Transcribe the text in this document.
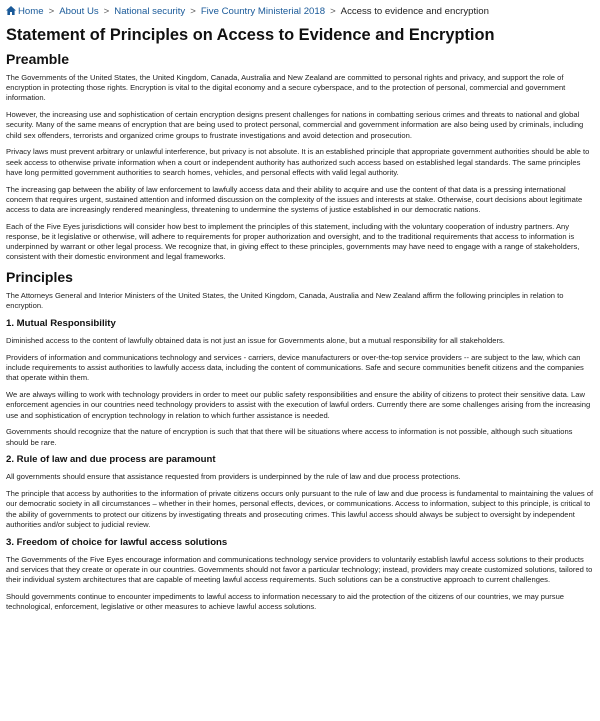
Home > About Us > National security > Five Country Ministerial 2018 > Access to evidence and encryption
Statement of Principles on Access to Evidence and Encryption
Preamble

The Governments of the United States, the United Kingdom, Canada, Australia and New Zealand are committed to personal rights and privacy, and support the role of encryption in protecting those rights. Encryption is vital to the digital economy and a secure cyberspace, and to the protection of personal, commercial and government information.

However, the increasing use and sophistication of certain encryption designs present challenges for nations in combatting serious crimes and threats to national and global security. Many of the same means of encryption that are being used to protect personal, commercial and government information are also being used by criminals, including child sex offenders, terrorists and organized crime groups to frustrate investigations and avoid detection and prosecution.

Privacy laws must prevent arbitrary or unlawful interference, but privacy is not absolute. It is an established principle that appropriate government authorities should be able to seek access to otherwise private information when a court or independent authority has authorized such access based on established legal standards. The same principles have long permitted government authorities to search homes, vehicles, and personal effects with valid legal authority.

The increasing gap between the ability of law enforcement to lawfully access data and their ability to acquire and use the content of that data is a pressing international concern that requires urgent, sustained attention and informed discussion on the complexity of the issues and interests at stake. Otherwise, court decisions about legitimate access to data are increasingly rendered meaningless, threatening to undermine the systems of justice established in our democratic nations.

Each of the Five Eyes jurisdictions will consider how best to implement the principles of this statement, including with the voluntary cooperation of industry partners. Any response, be it legislative or otherwise, will adhere to requirements for proper authorization and oversight, and to the traditional requirements that access to information is underpinned by warrant or other legal process. We recognize that, in giving effect to these principles, governments may have need to engage with a range of stakeholders, consistent with their domestic environment and legal frameworks.

Principles

The Attorneys General and Interior Ministers of the United States, the United Kingdom, Canada, Australia and New Zealand affirm the following principles in relation to encryption.

1. Mutual Responsibility

Diminished access to the content of lawfully obtained data is not just an issue for Governments alone, but a mutual responsibility for all stakeholders.

Providers of information and communications technology and services - carriers, device manufacturers or over-the-top service providers -- are subject to the law, which can include requirements to assist authorities to lawfully access data, including the content of communications. Safe and secure communities benefit citizens and the companies that operate within them.

We are always willing to work with technology providers in order to meet our public safety responsibilities and ensure the ability of citizens to protect their sensitive data. Law enforcement agencies in our countries need technology providers to assist with the execution of lawful orders. Currently there are some challenges arising from the increasing use and sophistication of encryption technology in relation to which further assistance is needed.

Governments should recognize that the nature of encryption is such that that there will be situations where access to information is not possible, although such situations should be rare.

2. Rule of law and due process are paramount

All governments should ensure that assistance requested from providers is underpinned by the rule of law and due process protections.

The principle that access by authorities to the information of private citizens occurs only pursuant to the rule of law and due process is fundamental to maintaining the values of our democratic society in all circumstances – whether in their homes, personal effects, devices, or communications. Access to information, subject to this principle, is critical to the ability of governments to protect our citizens by investigating threats and prosecuting crimes. This lawful access should always be subject to oversight by independent authorities and/or subject to judicial review.

3. Freedom of choice for lawful access solutions

The Governments of the Five Eyes encourage information and communications technology service providers to voluntarily establish lawful access solutions to their products and services that they create or operate in our countries. Governments should not favor a particular technology; instead, providers may create customized solutions, tailored to their individual system architectures that are capable of meeting lawful access requirements. Such solutions can be a constructive approach to current challenges.

Should governments continue to encounter impediments to lawful access to information necessary to aid the protection of the citizens of our countries, we may pursue technological, enforcement, legislative or other measures to achieve lawful access solutions.
